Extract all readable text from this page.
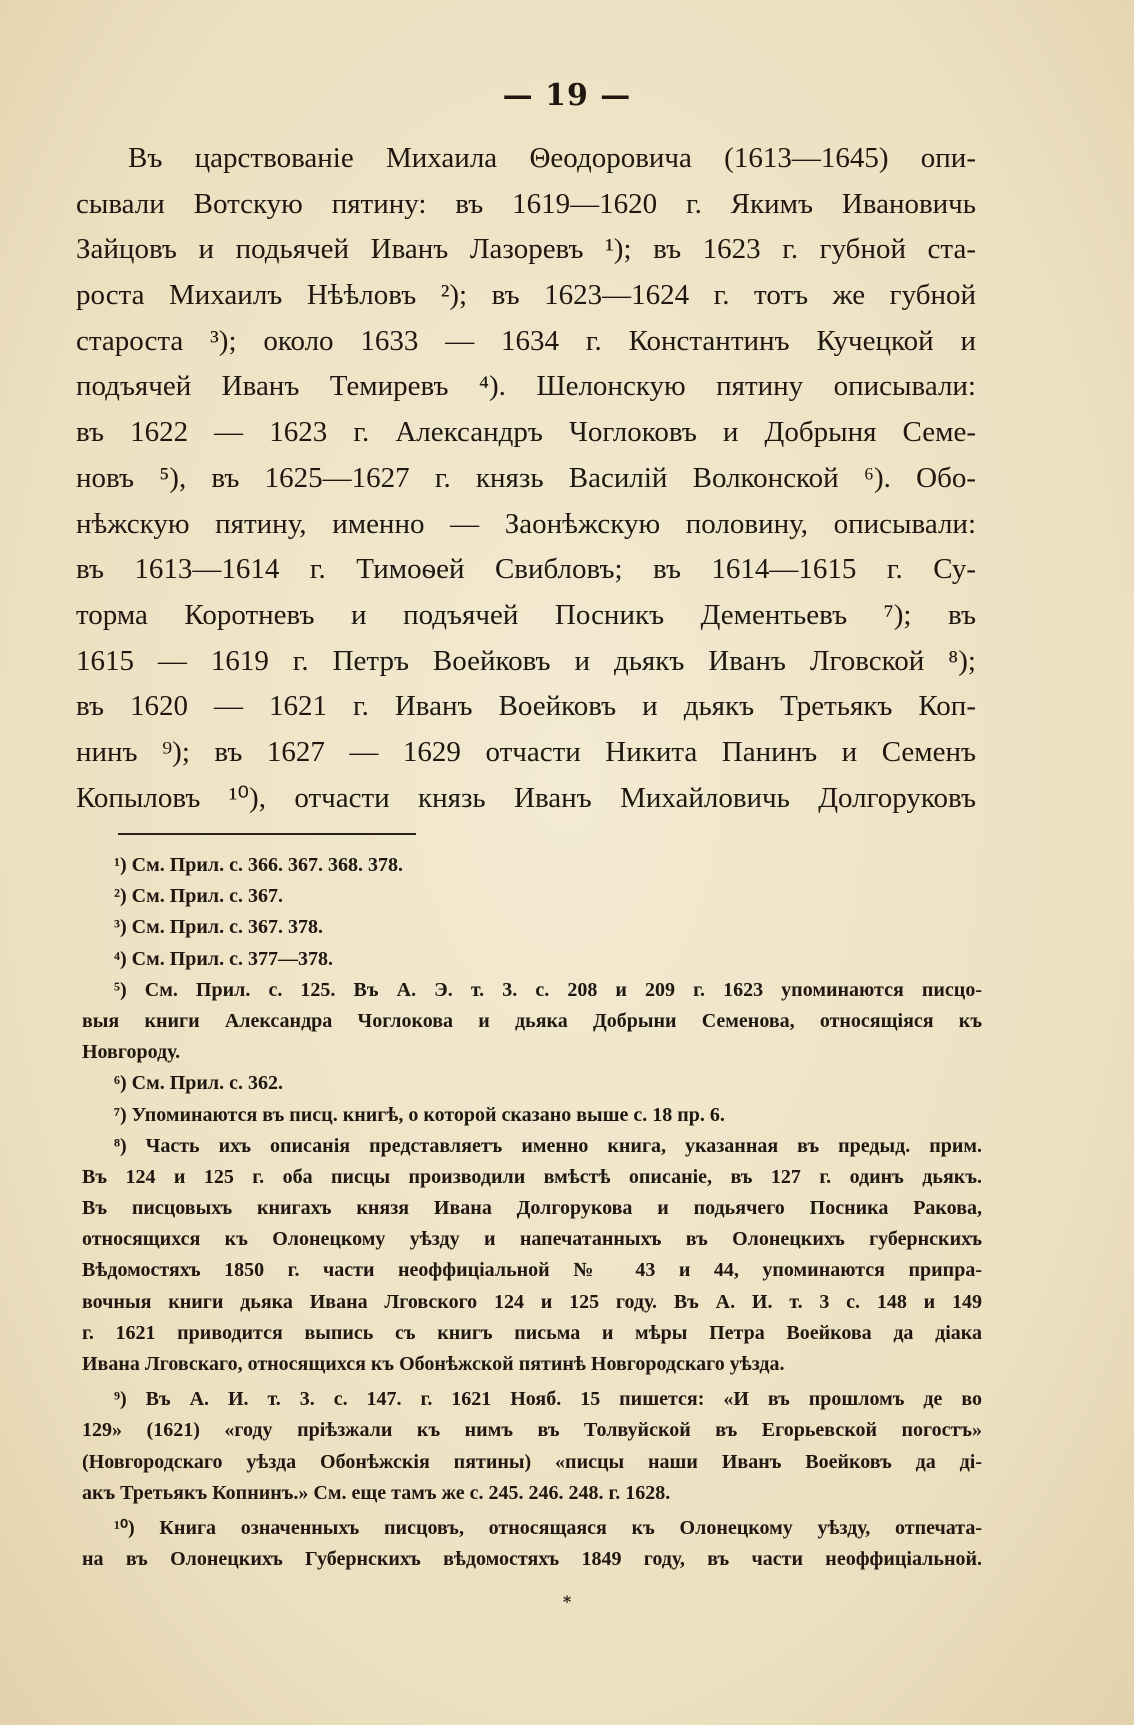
— 19 —
Въ царствованіе Михаила Θеодоровича (1613—1645) опи-
сывали Вотскую пятину: въ 1619—1620 г. Якимъ Ивановичь
Зайцовъ и подьячей Иванъ Лазоревъ ¹); въ 1623 г. губной ста-
роста Михаилъ Нѣѣловъ ²); въ 1623—1624 г. тотъ же губной
староста ³); около 1633 — 1634 г. Константинъ Кучецкой и
подъячей Иванъ Темиревъ ⁴). Шелонскую пятину описывали:
въ 1622 — 1623 г. Александръ Чоглоковъ и Добрыня Семе-
новъ ⁵), въ 1625—1627 г. князь Василій Волконской ⁶). Обо-
нѣжскую пятину, именно — Заонѣжскую половину, описывали:
въ 1613—1614 г. Тимоѳей Свибловъ; въ 1614—1615 г. Су-
торма Коротневъ и подъячей Посникъ Дементьевъ ⁷); въ
1615 — 1619 г. Петръ Воейковъ и дьякъ Иванъ Лговской ⁸);
въ 1620 — 1621 г. Иванъ Воейковъ и дьякъ Третьякъ Коп-
нинъ ⁹); въ 1627 — 1629 отчасти Никита Панинъ и Семенъ
Копыловъ ¹⁰), отчасти князь Иванъ Михайловичь Долгоруковъ
¹) См. Прил. с. 366. 367. 368. 378.
²) См. Прил. с. 367.
³) См. Прил. с. 367. 378.
⁴) См. Прил. с. 377—378.
⁵) См. Прил. с. 125. Въ А. Э. т. 3. с. 208 и 209 г. 1623 упоминаются писцо-
выя книги Александра Чоглокова и дьяка Добрыни Семенова, относящіяся къ
Новгороду.
⁶) См. Прил. с. 362.
⁷) Упоминаются въ писц. книгѣ, о которой сказано выше с. 18 пр. 6.
⁸) Часть ихъ описанія представляетъ именно книга, указанная въ предыд. прим.
Въ 124 и 125 г. оба писцы производили вмѣстѣ описаніе, въ 127 г. одинъ дьякъ.
Въ писцовыхъ книгахъ князя Ивана Долгорукова и подьячего Посника Ракова,
относящихся къ Олонецкому уѣзду и напечатанныхъ въ Олонецкихъ губернскихъ
Вѣдомостяхъ 1850 г. части неоффиціальной № 43 и 44, упоминаются припра-
вочныя книги дьяка Ивана Лговского 124 и 125 году. Въ А. И. т. 3 с. 148 и 149
г. 1621 приводится выпись съ книгъ письма и мѣры Петра Воейкова да діака
Ивана Лговскаго, относящихся къ Обонѣжской пятинѣ Новгородскаго уѣзда.
⁹) Въ А. И. т. 3. с. 147. г. 1621 Нояб. 15 пишется: «И въ прошломъ де во
129» (1621) «году пріѣзжали къ нимъ въ Толвуйской въ Егорьевской погостъ»
(Новгородскаго уѣзда Обонѣжскія пятины) «писцы наши Иванъ Воейковъ да ді-
акъ Третьякъ Копнинъ.» См. еще тамъ же с. 245. 246. 248. г. 1628.
¹⁰) Книга означенныхъ писцовъ, относящаяся къ Олонецкому уѣзду, отпечата-
на въ Олонецкихъ Губернскихъ вѣдомостяхъ 1849 году, въ части неоффиціальной.
*
